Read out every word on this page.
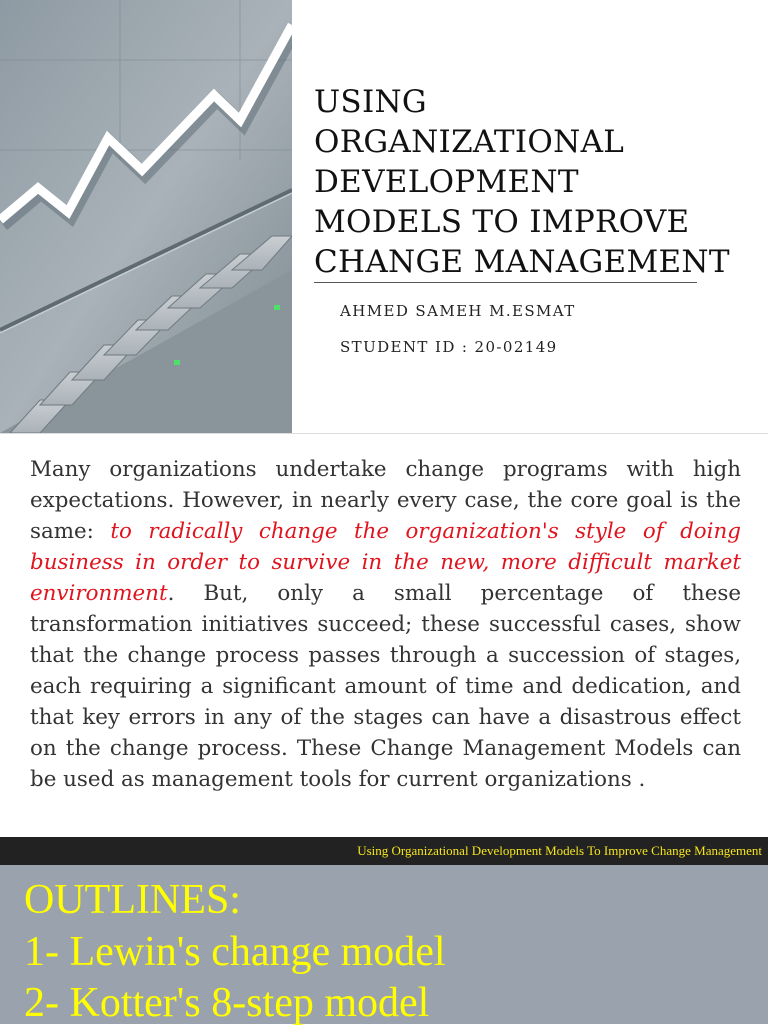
USING
ORGANIZATIONAL
DEVELOPMENT
MODELS TO IMPROVE
CHANGE MANAGEMENT
AHMED SAMEH M.ESMAT
STUDENT ID : 20-02149

Many organizations undertake change programs with high expectations. However, in nearly every case, the core goal is the same: to radically change the organization's style of doing business in order to survive in the new, more difficult market environment. But, only a small percentage of these transformation initiatives succeed; these successful cases, show that the change process passes through a succession of stages, each requiring a significant amount of time and dedication, and that key errors in any of the stages can have a disastrous effect on the change process. These Change Management Models can be used as management tools for current organizations .

Using Organizational Development Models To Improve Change Management
OUTLINES:
1- Lewin's change model
2- Kotter's 8-step model
